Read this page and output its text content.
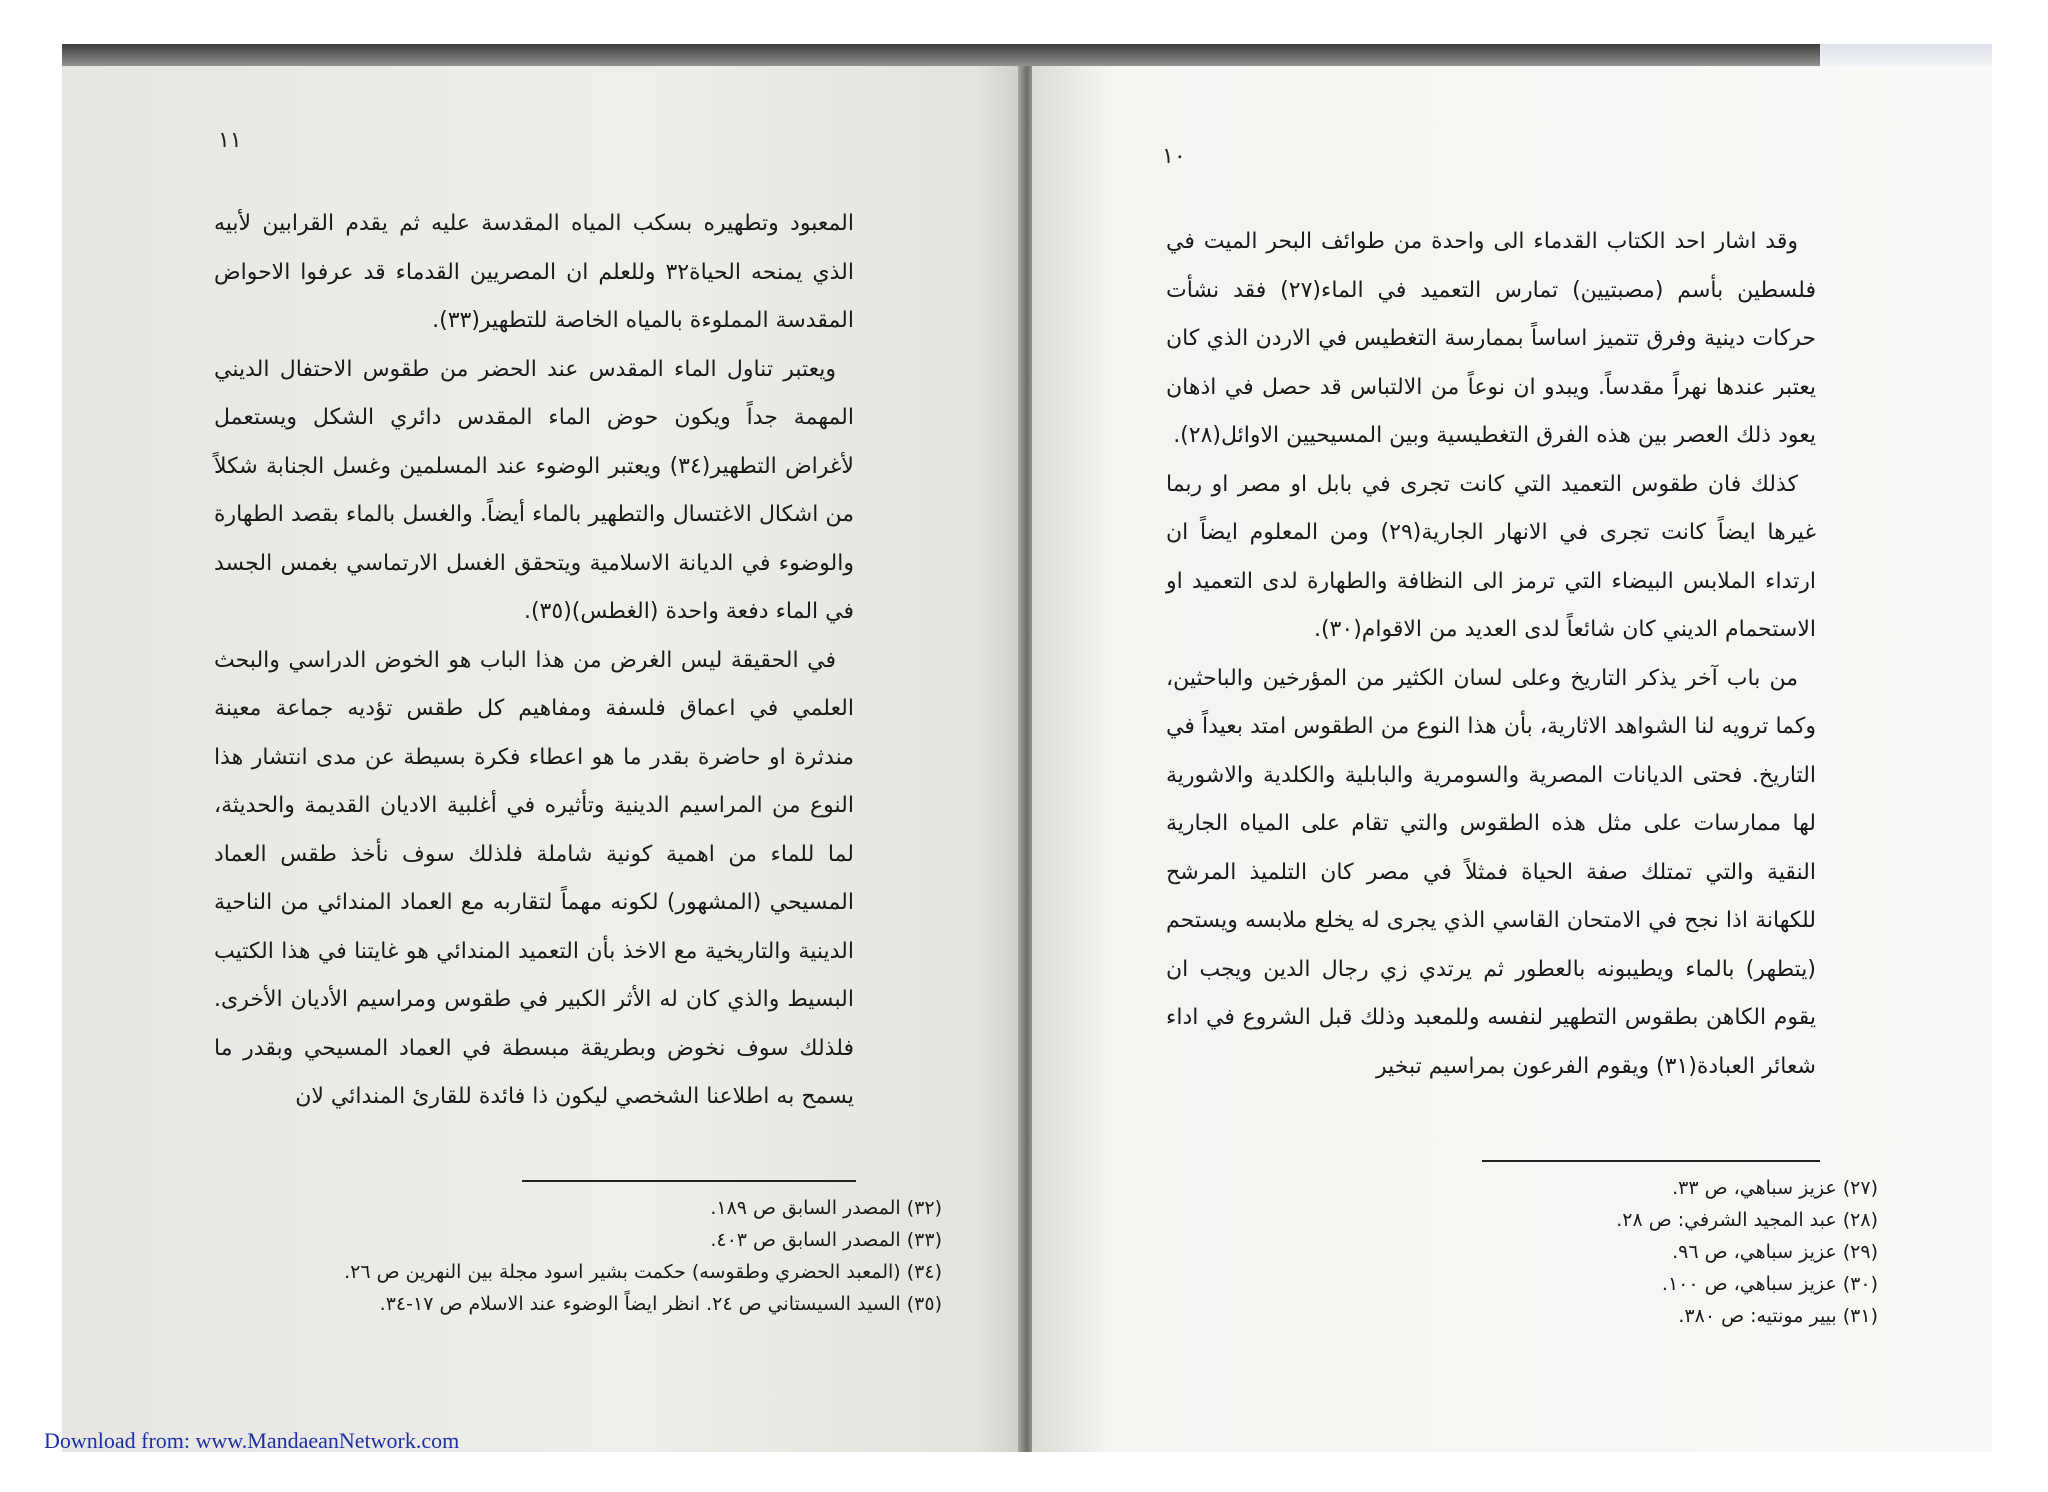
١١

المعبود وتطهيره بسكب المياه المقدسة عليه ثم يقدم القرابين لأبيه الذي يمنحه الحياة٣٢ وللعلم ان المصريين القدماء قد عرفوا الاحواض المقدسة المملوءة بالمياه الخاصة للتطهير(٣٣).

ويعتبر تناول الماء المقدس عند الحضر من طقوس الاحتفال الديني المهمة جداً ويكون حوض الماء المقدس دائري الشكل ويستعمل لأغراض التطهير(٣٤) ويعتبر الوضوء عند المسلمين وغسل الجنابة شكلاً من اشكال الاغتسال والتطهير بالماء أيضاً. والغسل بالماء بقصد الطهارة والوضوء في الديانة الاسلامية ويتحقق الغسل الارتماسي بغمس الجسد في الماء دفعة واحدة (الغطس)(٣٥).

في الحقيقة ليس الغرض من هذا الباب هو الخوض الدراسي والبحث العلمي في اعماق فلسفة ومفاهيم كل طقس تؤديه جماعة معينة مندثرة او حاضرة بقدر ما هو اعطاء فكرة بسيطة عن مدى انتشار هذا النوع من المراسيم الدينية وتأثيره في أغلبية الاديان القديمة والحديثة، لما للماء من اهمية كونية شاملة فلذلك سوف نأخذ طقس العماد المسيحي (المشهور) لكونه مهماً لتقاربه مع العماد المندائي من الناحية الدينية والتاريخية مع الاخذ بأن التعميد المندائي هو غايتنا في هذا الكتيب البسيط والذي كان له الأثر الكبير في طقوس ومراسيم الأديان الأخرى. فلذلك سوف نخوض وبطريقة مبسطة في العماد المسيحي وبقدر ما يسمح به اطلاعنا الشخصي ليكون ذا فائدة للقارئ المندائي لان

(٣٢) المصدر السابق ص ١٨٩.
(٣٣) المصدر السابق ص ٤٠٣.
(٣٤) (المعبد الحضري وطقوسه) حكمت بشير اسود مجلة بين النهرين ص ٢٦.
(٣٥) السيد السيستاني ص ٢٤. انظر ايضاً الوضوء عند الاسلام ص ١٧-٣٤.
١٠

وقد اشار احد الكتاب القدماء الى واحدة من طوائف البحر الميت في فلسطين بأسم (مصبتيين) تمارس التعميد في الماء(٢٧) فقد نشأت حركات دينية وفرق تتميز اساساً بممارسة التغطيس في الاردن الذي كان يعتبر عندها نهراً مقدساً. ويبدو ان نوعاً من الالتباس قد حصل في اذهان يعود ذلك العصر بين هذه الفرق التغطيسية وبين المسيحيين الاوائل(٢٨).

كذلك فان طقوس التعميد التي كانت تجرى في بابل او مصر او ربما غيرها ايضاً كانت تجرى في الانهار الجارية(٢٩) ومن المعلوم ايضاً ان ارتداء الملابس البيضاء التي ترمز الى النظافة والطهارة لدى التعميد او الاستحمام الديني كان شائعاً لدى العديد من الاقوام(٣٠).

من باب آخر يذكر التاريخ وعلى لسان الكثير من المؤرخين والباحثين، وكما ترويه لنا الشواهد الاثارية، بأن هذا النوع من الطقوس امتد بعيداً في التاريخ. فحتى الديانات المصرية والسومرية والبابلية والكلدية والاشورية لها ممارسات على مثل هذه الطقوس والتي تقام على المياه الجارية النقية والتي تمتلك صفة الحياة فمثلاً في مصر كان التلميذ المرشح للكهانة اذا نجح في الامتحان القاسي الذي يجرى له يخلع ملابسه ويستحم (يتطهر) بالماء ويطيبونه بالعطور ثم يرتدي زي رجال الدين ويجب ان يقوم الكاهن بطقوس التطهير لنفسه وللمعبد وذلك قبل الشروع في اداء شعائر العبادة(٣١) ويقوم الفرعون بمراسيم تبخير

(٢٧) عزيز سباهي، ص ٣٣.
(٢٨) عبد المجيد الشرفي: ص ٢٨.
(٢٩) عزيز سباهي، ص ٩٦.
(٣٠) عزيز سباهي، ص ١٠٠.
(٣١) بيير مونتيه: ص ٣٨٠.
Download from: www.MandaeanNetwork.com
